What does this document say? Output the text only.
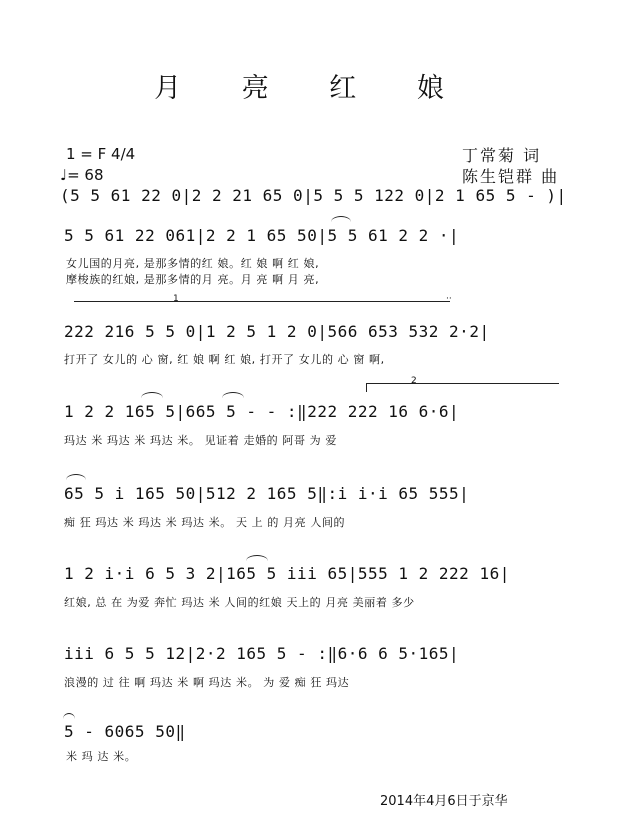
月 亮 红 娘
1 = F 4/4
♩= 68
丁常菊 词
陈生铠群 曲
(5 5 61 22 0|2 2 21 65 0|5 5 5 122 0|2 1 65 5 - )|
5 5 61 22 061|2 2 1 65 50|5 5 61 2 2 ·|
女儿国的月亮, 是那多情的红 娘。红 娘 啊 红 娘,
摩梭族的红娘, 是那多情的月 亮。月 亮 啊 月 亮,
1	··
222 216 5 5 0|1 2 5 1 2 0|566 653 532 2·2|
打开了 女儿的 心 窗, 红 娘 啊 红 娘, 打开了 女儿的 心 窗 啊,
2
1 2 2 165 5|665 5 - - :‖222 222 16 6·6|
玛达 米 玛达 米 玛达 米。 见证着 走婚的 阿哥 为 爱
65 5 i 165 50|512 2 165 5‖:i i·i 65 555|
痴 狂 玛达 米 玛达 米 玛达 米。 天 上 的 月亮 人间的
1 2 i·i 6 5 3 2|165 5 iii 65|555 1 2 222 16|
红娘, 总 在 为爱 奔忙 玛达 米 人间的红娘 天上的 月亮 美丽着 多少
iii 6 5 5 12|2·2 165 5 - :‖6·6 6 5·165|
浪漫的 过 往 啊 玛达 米 啊 玛达 米。 为 爱 痴 狂 玛达
5 - 6065 50‖
米 玛 达 米。
2014年4月6日于京华
